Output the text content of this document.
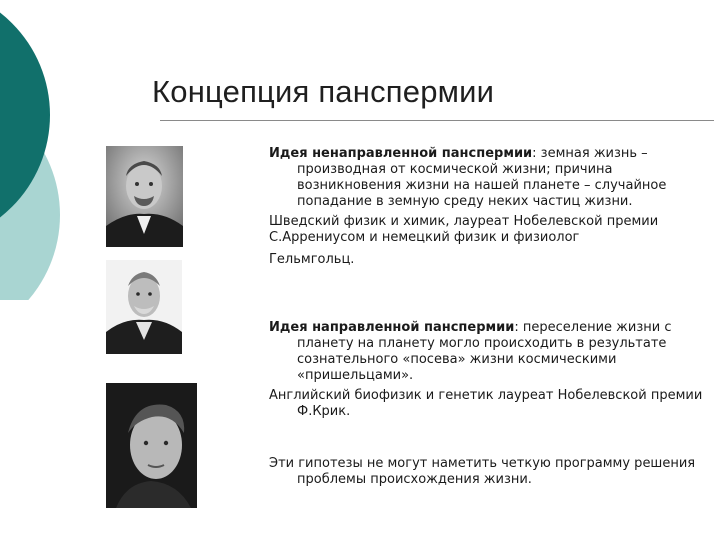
Концепция панспермии

Идея ненаправленной панспермии: земная жизнь – производная от космической жизни; причина возникновения жизни на нашей планете – случайное попадание в земную среду неких частиц жизни.

Шведский физик и химик, лауреат Нобелевской премии С.Аррениусом и немецкий физик и физиолог

Гельмгольц.

Идея направленной панспермии: переселение жизни с планету на планету могло происходить в результате сознательного «посева» жизни космическими «пришельцами».

Английский биофизик и генетик лауреат Нобелевской премии Ф.Крик.

Эти гипотезы не могут наметить четкую программу решения проблемы происхождения жизни.
